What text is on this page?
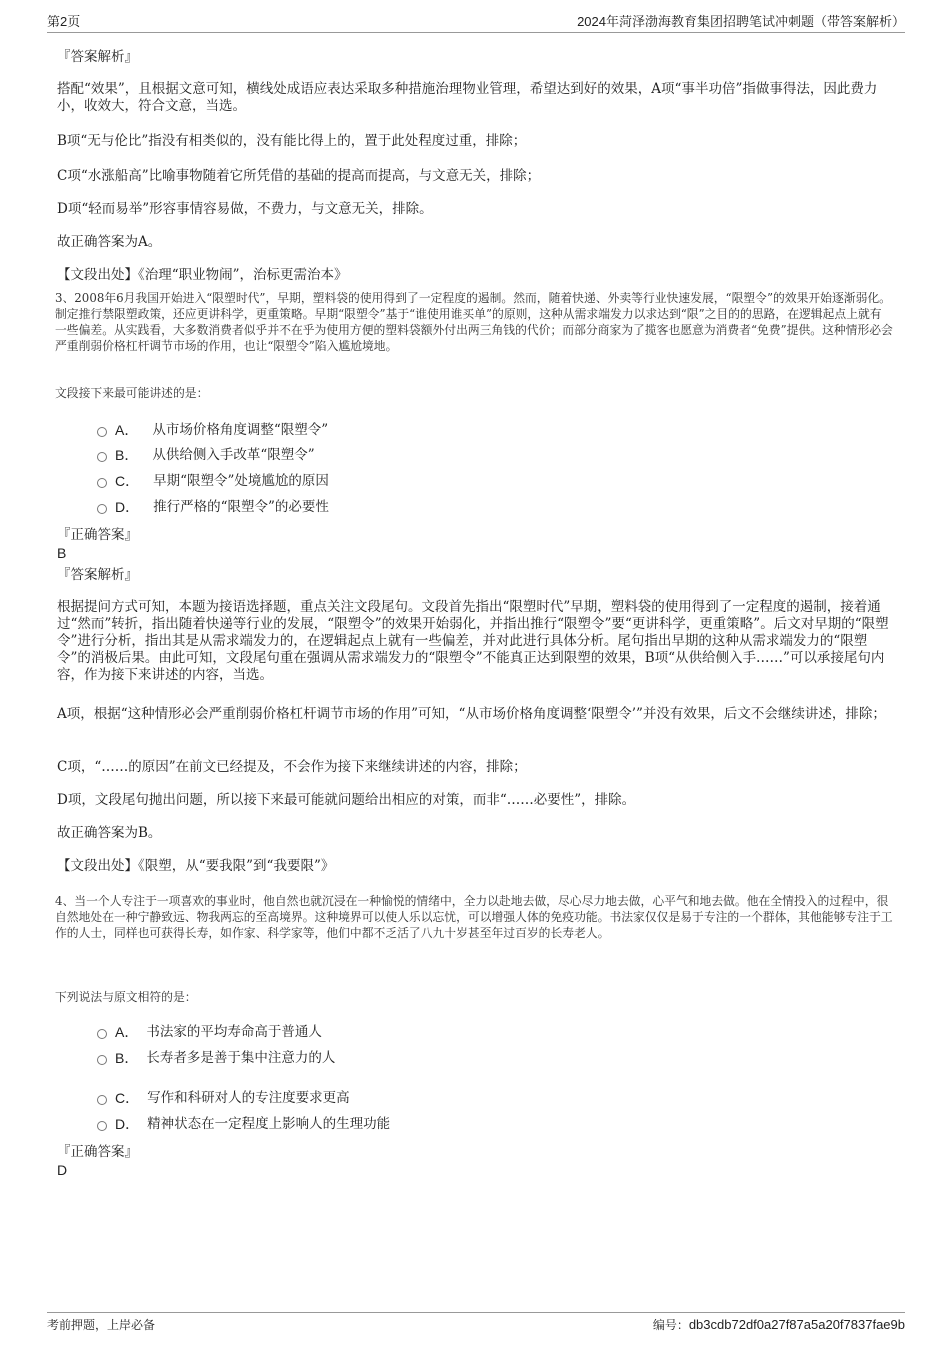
第2页	2024年菏泽渤海教育集团招聘笔试冲刺题（带答案解析）

『答案解析』

搭配“效果”，且根据文意可知，横线处成语应表达采取多种措施治理物业管理，希望达到好的效果，A项“事半功倍”指做事得法，因此费力小，收效大，符合文意，当选。

B项“无与伦比”指没有相类似的，没有能比得上的，置于此处程度过重，排除；

C项“水涨船高”比喻事物随着它所凭借的基础的提高而提高，与文意无关，排除；

D项“轻而易举”形容事情容易做，不费力，与文意无关，排除。

故正确答案为A。

【文段出处】《治理“职业物闹”，治标更需治本》

3、2008年6月我国开始进入“限塑时代”，早期，塑料袋的使用得到了一定程度的遏制。然而，随着快递、外卖等行业快速发展，“限塑令”的效果开始逐渐弱化。制定推行禁限塑政策，还应更讲科学，更重策略。早期“限塑令”基于“谁使用谁买单”的原则，这种从需求端发力以求达到“限”之目的的思路，在逻辑起点上就有一些偏差。从实践看，大多数消费者似乎并不在乎为使用方便的塑料袋额外付出两三角钱的代价；而部分商家为了揽客也愿意为消费者“免费”提供。这种情形必会严重削弱价格杠杆调节市场的作用，也让“限塑令”陷入尴尬境地。

文段接下来最可能讲述的是：

A． 从市场价格角度调整“限塑令”
B． 从供给侧入手改革“限塑令”
C． 早期“限塑令”处境尴尬的原因
D． 推行严格的“限塑令”的必要性

『正确答案』

B

『答案解析』

根据提问方式可知，本题为接语选择题，重点关注文段尾句。文段首先指出“限塑时代”早期，塑料袋的使用得到了一定程度的遏制，接着通过“然而”转折，指出随着快递等行业的发展，“限塑令”的效果开始弱化，并指出推行“限塑令”要“更讲科学，更重策略”。后文对早期的“限塑令”进行分析，指出其是从需求端发力的，在逻辑起点上就有一些偏差，并对此进行具体分析。尾句指出早期的这种从需求端发力的“限塑令”的消极后果。由此可知，文段尾句重在强调从需求端发力的“限塑令”不能真正达到限塑的效果，B项“从供给侧入手……”可以承接尾句内容，作为接下来讲述的内容，当选。

A项，根据“这种情形必会严重削弱价格杠杆调节市场的作用”可知，“从市场价格角度调整‘限塑令’”并没有效果，后文不会继续讲述，排除；

C项，“……的原因”在前文已经提及，不会作为接下来继续讲述的内容，排除；

D项，文段尾句抛出问题，所以接下来最可能就问题给出相应的对策，而非“……必要性”，排除。

故正确答案为B。

【文段出处】《限塑，从“要我限”到“我要限”》

4、当一个人专注于一项喜欢的事业时，他自然也就沉浸在一种愉悦的情绪中，全力以赴地去做，尽心尽力地去做，心平气和地去做。他在全情投入的过程中，很自然地处在一种宁静致远、物我两忘的至高境界。这种境界可以使人乐以忘忧，可以增强人体的免疫功能。书法家仅仅是易于专注的一个群体，其他能够专注于工作的人士，同样也可获得长寿，如作家、科学家等，他们中都不乏活了八九十岁甚至年过百岁的长寿老人。

下列说法与原文相符的是：

A． 书法家的平均寿命高于普通人
B． 长寿者多是善于集中注意力的人
C． 写作和科研对人的专注度要求更高
D． 精神状态在一定程度上影响人的生理功能

『正确答案』

D

考前押题，上岸必备	编号：db3cdb72df0a27f87a5a20f7837fae9b
